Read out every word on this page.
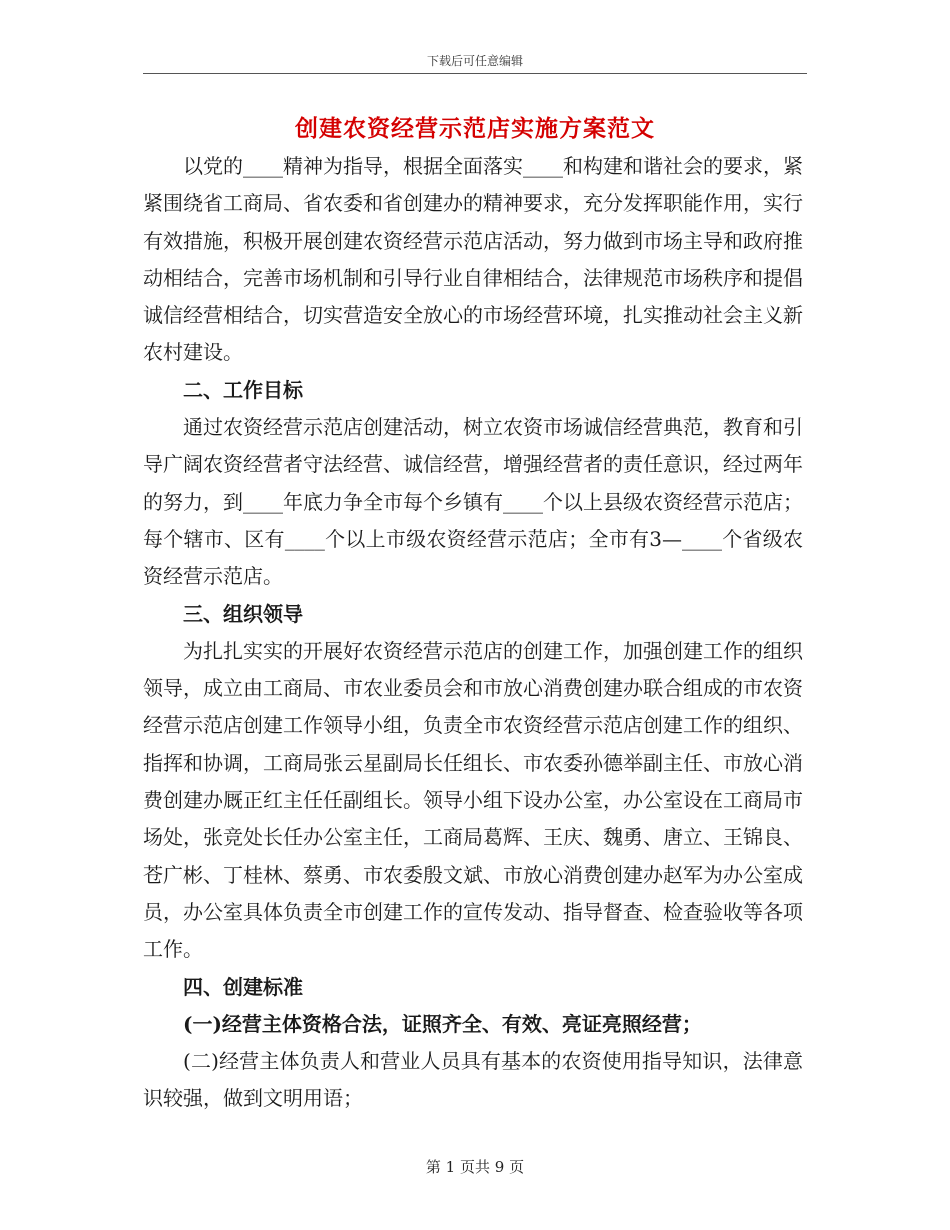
下载后可任意编辑
创建农资经营示范店实施方案范文

以党的____精神为指导，根据全面落实____和构建和谐社会的要求，紧紧围绕省工商局、省农委和省创建办的精神要求，充分发挥职能作用，实行有效措施，积极开展创建农资经营示范店活动，努力做到市场主导和政府推动相结合，完善市场机制和引导行业自律相结合，法律规范市场秩序和提倡诚信经营相结合，切实营造安全放心的市场经营环境，扎实推动社会主义新农村建设。

二、工作目标

通过农资经营示范店创建活动，树立农资市场诚信经营典范，教育和引导广阔农资经营者守法经营、诚信经营，增强经营者的责任意识，经过两年的努力，到____年底力争全市每个乡镇有____个以上县级农资经营示范店；每个辖市、区有____个以上市级农资经营示范店；全市有3—____个省级农资经营示范店。

三、组织领导

为扎扎实实的开展好农资经营示范店的创建工作，加强创建工作的组织领导，成立由工商局、市农业委员会和市放心消费创建办联合组成的市农资经营示范店创建工作领导小组，负责全市农资经营示范店创建工作的组织、指挥和协调，工商局张云星副局长任组长、市农委孙德举副主任、市放心消费创建办厩正红主任任副组长。领导小组下设办公室，办公室设在工商局市场处，张竞处长任办公室主任，工商局葛辉、王庆、魏勇、唐立、王锦良、苍广彬、丁桂林、蔡勇、市农委殷文斌、市放心消费创建办赵军为办公室成员，办公室具体负责全市创建工作的宣传发动、指导督查、检查验收等各项工作。

四、创建标准
(一)经营主体资格合法，证照齐全、有效、亮证亮照经营；

(二)经营主体负责人和营业人员具有基本的农资使用指导知识，法律意识较强，做到文明用语；

第 1 页共 9 页
